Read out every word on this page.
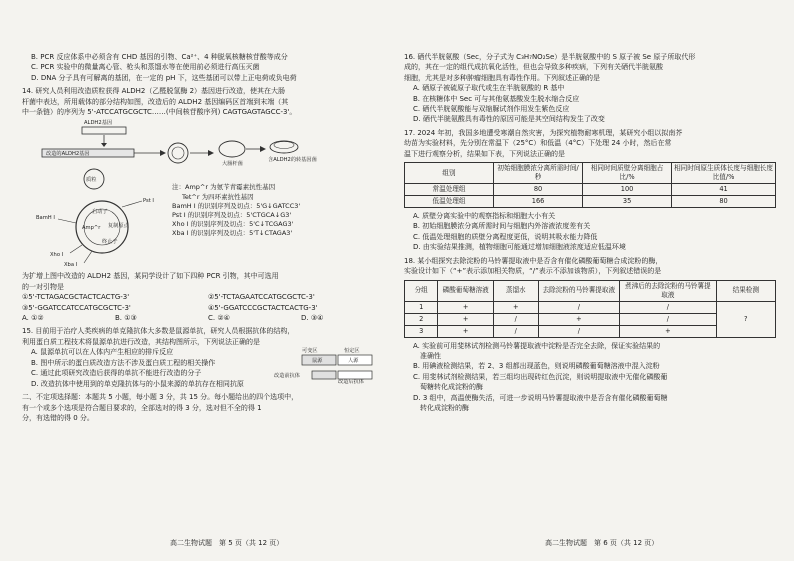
B. PCR 反应体系中必须含有 CHD 基因的引物、Ca²⁺、4 种脱氧核糖核苷酸等成分
C. PCR 实验中的微量离心管、枪头和蒸馏水等在使用前必须进行高压灭菌
D. DNA 分子具有可解离的基团，在一定的 pH 下，这些基团可以带上正电荷或负电荷
14. 研究人员利用改造质粒获得 ALDH2（乙醛脱氢酶 2）基因进行改造，使其在大肠
杆菌中表达，所用载体的部分结构如图，改造后的 ALDH2 基因编码区首端到末端（其
中一条链）的序列为 5'-ATCCATGCGCTC……(中间核苷酸序列) CAGTGAGTAGCC-3'。
ALDH2基因
改造的ALDH2基因
质粒
大肠杆菌
含ALDH2的转基因菌
启动子
Amp^r
终止子
复制原点
Pst I
BamH I
Xho I
Xba I
注：Amp^r 为氨苄青霉素抗性基因
Tet^r 为四环素抗性基因
BamH I 的识别序列及切点：5'G↓GATCC3'
Pst I 的识别序列及切点：5'CTGCA↓G3'
Xho I 的识别序列及切点：5'C↓TCGAG3'
Xba I 的识别序列及切点：5'T↓CTAGA3'
为扩增上图中改造的 ALDH2 基因，某同学设计了如下四种 PCR 引物，其中可选用
的一对引物是
①5'-TCTAGACGCTACTCACTG-3'	②5'-TCTAGAATCCATGCGCTC-3'
③5'-GGATCCATCCATGCGCTC-3'	④5'-GGATCCCGCTACTCACTG-3'
A. ①②	B. ①③	C. ②④	D. ③④
15. 目前用于治疗人类疾病的单克隆抗体大多数是鼠源单抗，研究人员根据抗体的结构，
利用蛋白质工程技术将鼠源单抗进行改造，其结构图所示，下列说法正确的是
A. 鼠源单抗可以在人体内产生相应的排斥反应
B. 图中所示的蛋白质改造方法不涉及蛋白质工程的相关操作
C. 通过此项研究改造后获得的单抗不能进行改造的分子
D. 改造抗体中使用到的单克隆抗体与的小鼠来源的单抗存在相同抗原
可变区	恒定区
鼠源	人源
改造前抗体
改造后抗体
二、不定项选择题：本题共 5 小题，每小题 3 分，共 15 分。每小题给出的四个选项中，
有一个或多个选项是符合题目要求的，全部选对的得 3 分，选对但不全的得 1
分，有选错的得 0 分。
16. 硒代半胱氨酸（Sec，分子式为 C₃H₇NO₂Se）是半胱氨酸中的 S 原子被 Se 原子所取代形
成的，其在一定的组代成抗氧化活性，但也会导致多种疾病，下列有关硒代半胱氨酸
细胞，尤其是对多种肿瘤细胞具有毒性作用。下列叙述正确的是
A. 硒原子被硫原子取代或生在半胱氨酸的 R 基中
B. 在核糖体中 Sec 可与其他氨基酸发生脱水缩合反应
C. 硒代半胱氨酸能与双缩脲试剂作用发生紫色反应
D. 硒代半胱氨酸具有毒性的原因可能是其空间结构发生了改变
17. 2024 年初，我国多地遭受寒潮自然灾害，为探究植物耐寒机理，某研究小组以拟南芥
幼苗为实验材料，先分别在常温下（25°C）和低温（4°C）下处理 24 小时，然后在常
温下进行观察分析，结果如下表，下列说法正确的是
组别	初始细胞膜浓分离所需时间/秒	相同时间质壁分离细胞占比/%	相同时间原生质体长度与细胞长度比值/%
常温处理组	80	100	41
低温处理组	166	35	80
A. 质壁分离实验中的观察指标和细胞大小有关
B. 初始细胞膜浓分离所需时间与细胞内外溶液浓度差有关
C. 低温处理细胞的质壁分离程度更低，说明其吸水能力降低
D. 由实验结果推测，植物细胞可能通过增加细胞液浓度适应低温环境
18. 某小组探究去除淀粉的马铃薯提取液中是否含有催化磷酸葡萄糖合成淀粉的酶，
实验设计如下（“+”表示添加相关物质，“/”表示不添加该物质），下列叙述错误的是
分组	磷酸葡萄糖溶液	蒸馏水	去除淀粉的马铃薯提取液	煮沸后的去除淀粉的马铃薯提取液	结果检测
1	+	+	/	/	?
2	+	/	+	/	
3	+	/	/	+	
A. 实验前可用斐林试剂检测马铃薯提取液中淀粉是否完全去除，保证实验结果的
准确性
B. 用碘液检测结果，若 2、3 组都出现蓝色，则说明磷酸葡萄糖溶液中混入淀粉
C. 用斐林试剂检测结果，若三组均出现砖红色沉淀，则说明提取液中无催化磷酸葡
萄糖转化成淀粉的酶
D. 3 组中，高温使酶失活，可进一步说明马铃薯提取液中是否含有催化磷酸葡萄糖
转化成淀粉的酶
高二生物试题　第 5 页（共 12 页）	高二生物试题　第 6 页（共 12 页）
